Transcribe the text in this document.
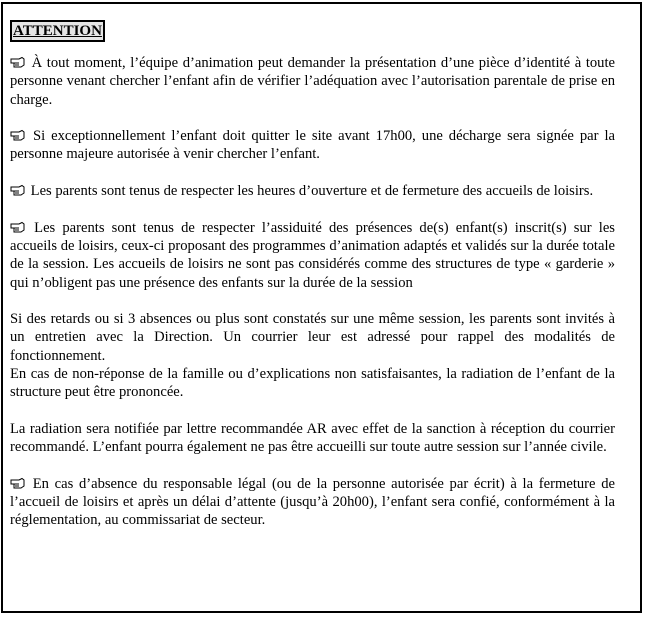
ATTENTION

À tout moment, l’équipe d’animation peut demander la présentation d’une pièce d’identité à toute personne venant chercher l’enfant afin de vérifier l’adéquation avec l’autorisation parentale de prise en charge.

Si exceptionnellement l’enfant doit quitter le site avant 17h00, une décharge sera signée par la personne majeure autorisée à venir chercher l’enfant.

Les parents sont tenus de respecter les heures d’ouverture et de fermeture des accueils de loisirs.

Les parents sont tenus de respecter l’assiduité des présences de(s) enfant(s) inscrit(s) sur les accueils de loisirs, ceux-ci proposant des programmes d’animation adaptés et validés sur la durée totale de la session. Les accueils de loisirs ne sont pas considérés comme des structures de type « garderie » qui n’obligent pas une présence des enfants sur la durée de la session

Si des retards ou si 3 absences ou plus sont constatés sur une même session, les parents sont invités à un entretien avec la Direction. Un courrier leur est adressé pour rappel des modalités de fonctionnement.

En cas de non-réponse de la famille ou d’explications non satisfaisantes, la radiation de l’enfant de la structure peut être prononcée.

La radiation sera notifiée par lettre recommandée AR avec effet de la sanction à réception du courrier recommandé. L’enfant pourra également ne pas être accueilli sur toute autre session sur l’année civile.

En cas d’absence du responsable légal (ou de la personne autorisée par écrit) à la fermeture de l’accueil de loisirs et après un délai d’attente (jusqu’à 20h00), l’enfant sera confié, conformément à la réglementation, au commissariat de secteur.
